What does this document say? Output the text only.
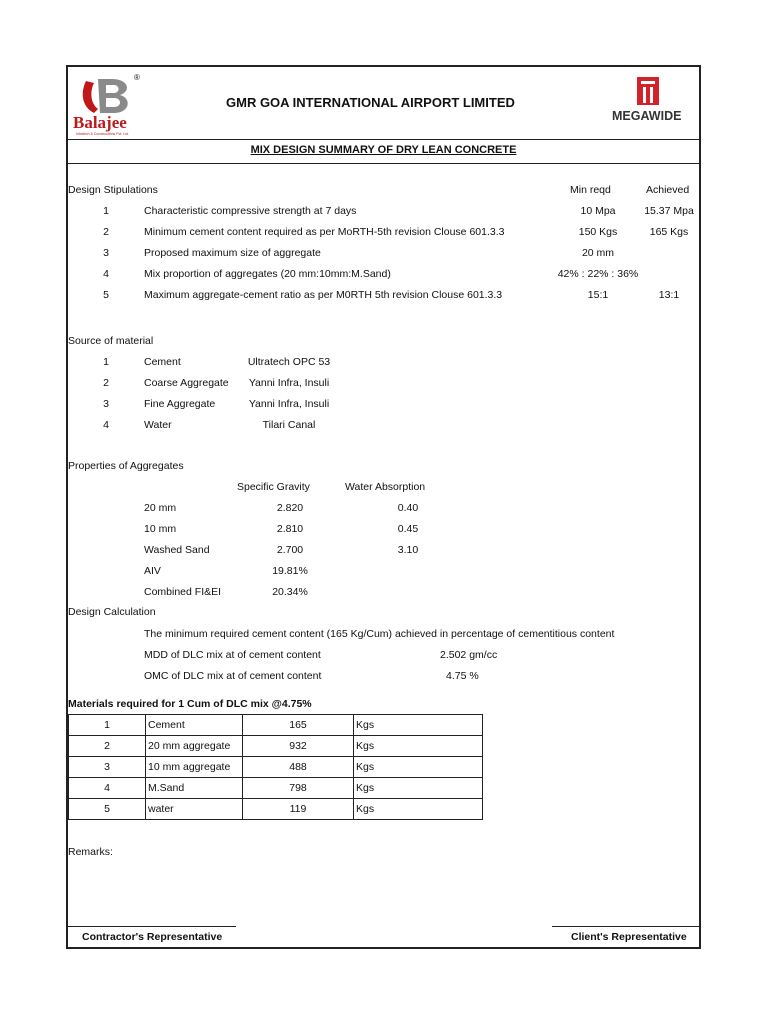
®
Balajee
Infratech & Constructions Pvt. Ltd.
GMR GOA INTERNATIONAL AIRPORT LIMITED
MEGAWIDE
MIX DESIGN SUMMARY OF DRY LEAN CONCRETE
Design Stipulations	Min reqd	Achieved
1	Characteristic compressive strength at 7 days	10 Mpa	15.37 Mpa
2	Minimum cement content required as per MoRTH-5th revision Clouse 601.3.3	150 Kgs	165 Kgs
3	Proposed maximum size of aggregate	20 mm
4	Mix proportion of aggregates (20 mm:10mm:M.Sand)	42% : 22% : 36%
5	Maximum aggregate-cement ratio as per M0RTH 5th revision Clouse 601.3.3	15:1	13:1
Source of material
1	Cement	Ultratech OPC 53
2	Coarse Aggregate	Yanni Infra, Insuli
3	Fine Aggregate	Yanni Infra, Insuli
4	Water	Tilari Canal
Properties of Aggregates
Specific Gravity	Water Absorption
20 mm	2.820	0.40
10 mm	2.810	0.45
Washed Sand	2.700	3.10
AIV	19.81%
Combined FI&EI	20.34%
Design Calculation
The minimum required cement content (165 Kg/Cum) achieved in percentage of cementitious content
MDD of DLC mix at of cement content	2.502 gm/cc
OMC of DLC mix at of cement content	4.75 %
Materials required for 1 Cum of DLC mix @4.75%
1	Cement	165	Kgs
2	20 mm aggregate	932	Kgs
3	10 mm aggregate	488	Kgs
4	M.Sand	798	Kgs
5	water	119	Kgs
Remarks:
Contractor's Representative	Client's Representative
